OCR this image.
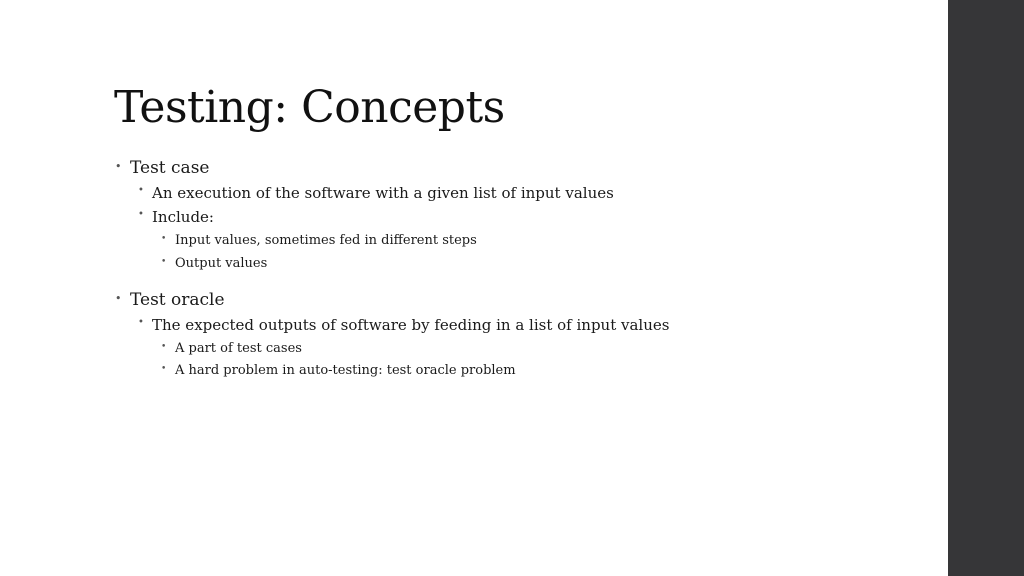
Testing: Concepts
• Test case
• An execution of the software with a given list of input values
• Include:
• Input values, sometimes fed in different steps
• Output values
• Test oracle
• The expected outputs of software by feeding in a list of input values
• A part of test cases
• A hard problem in auto-testing: test oracle problem
